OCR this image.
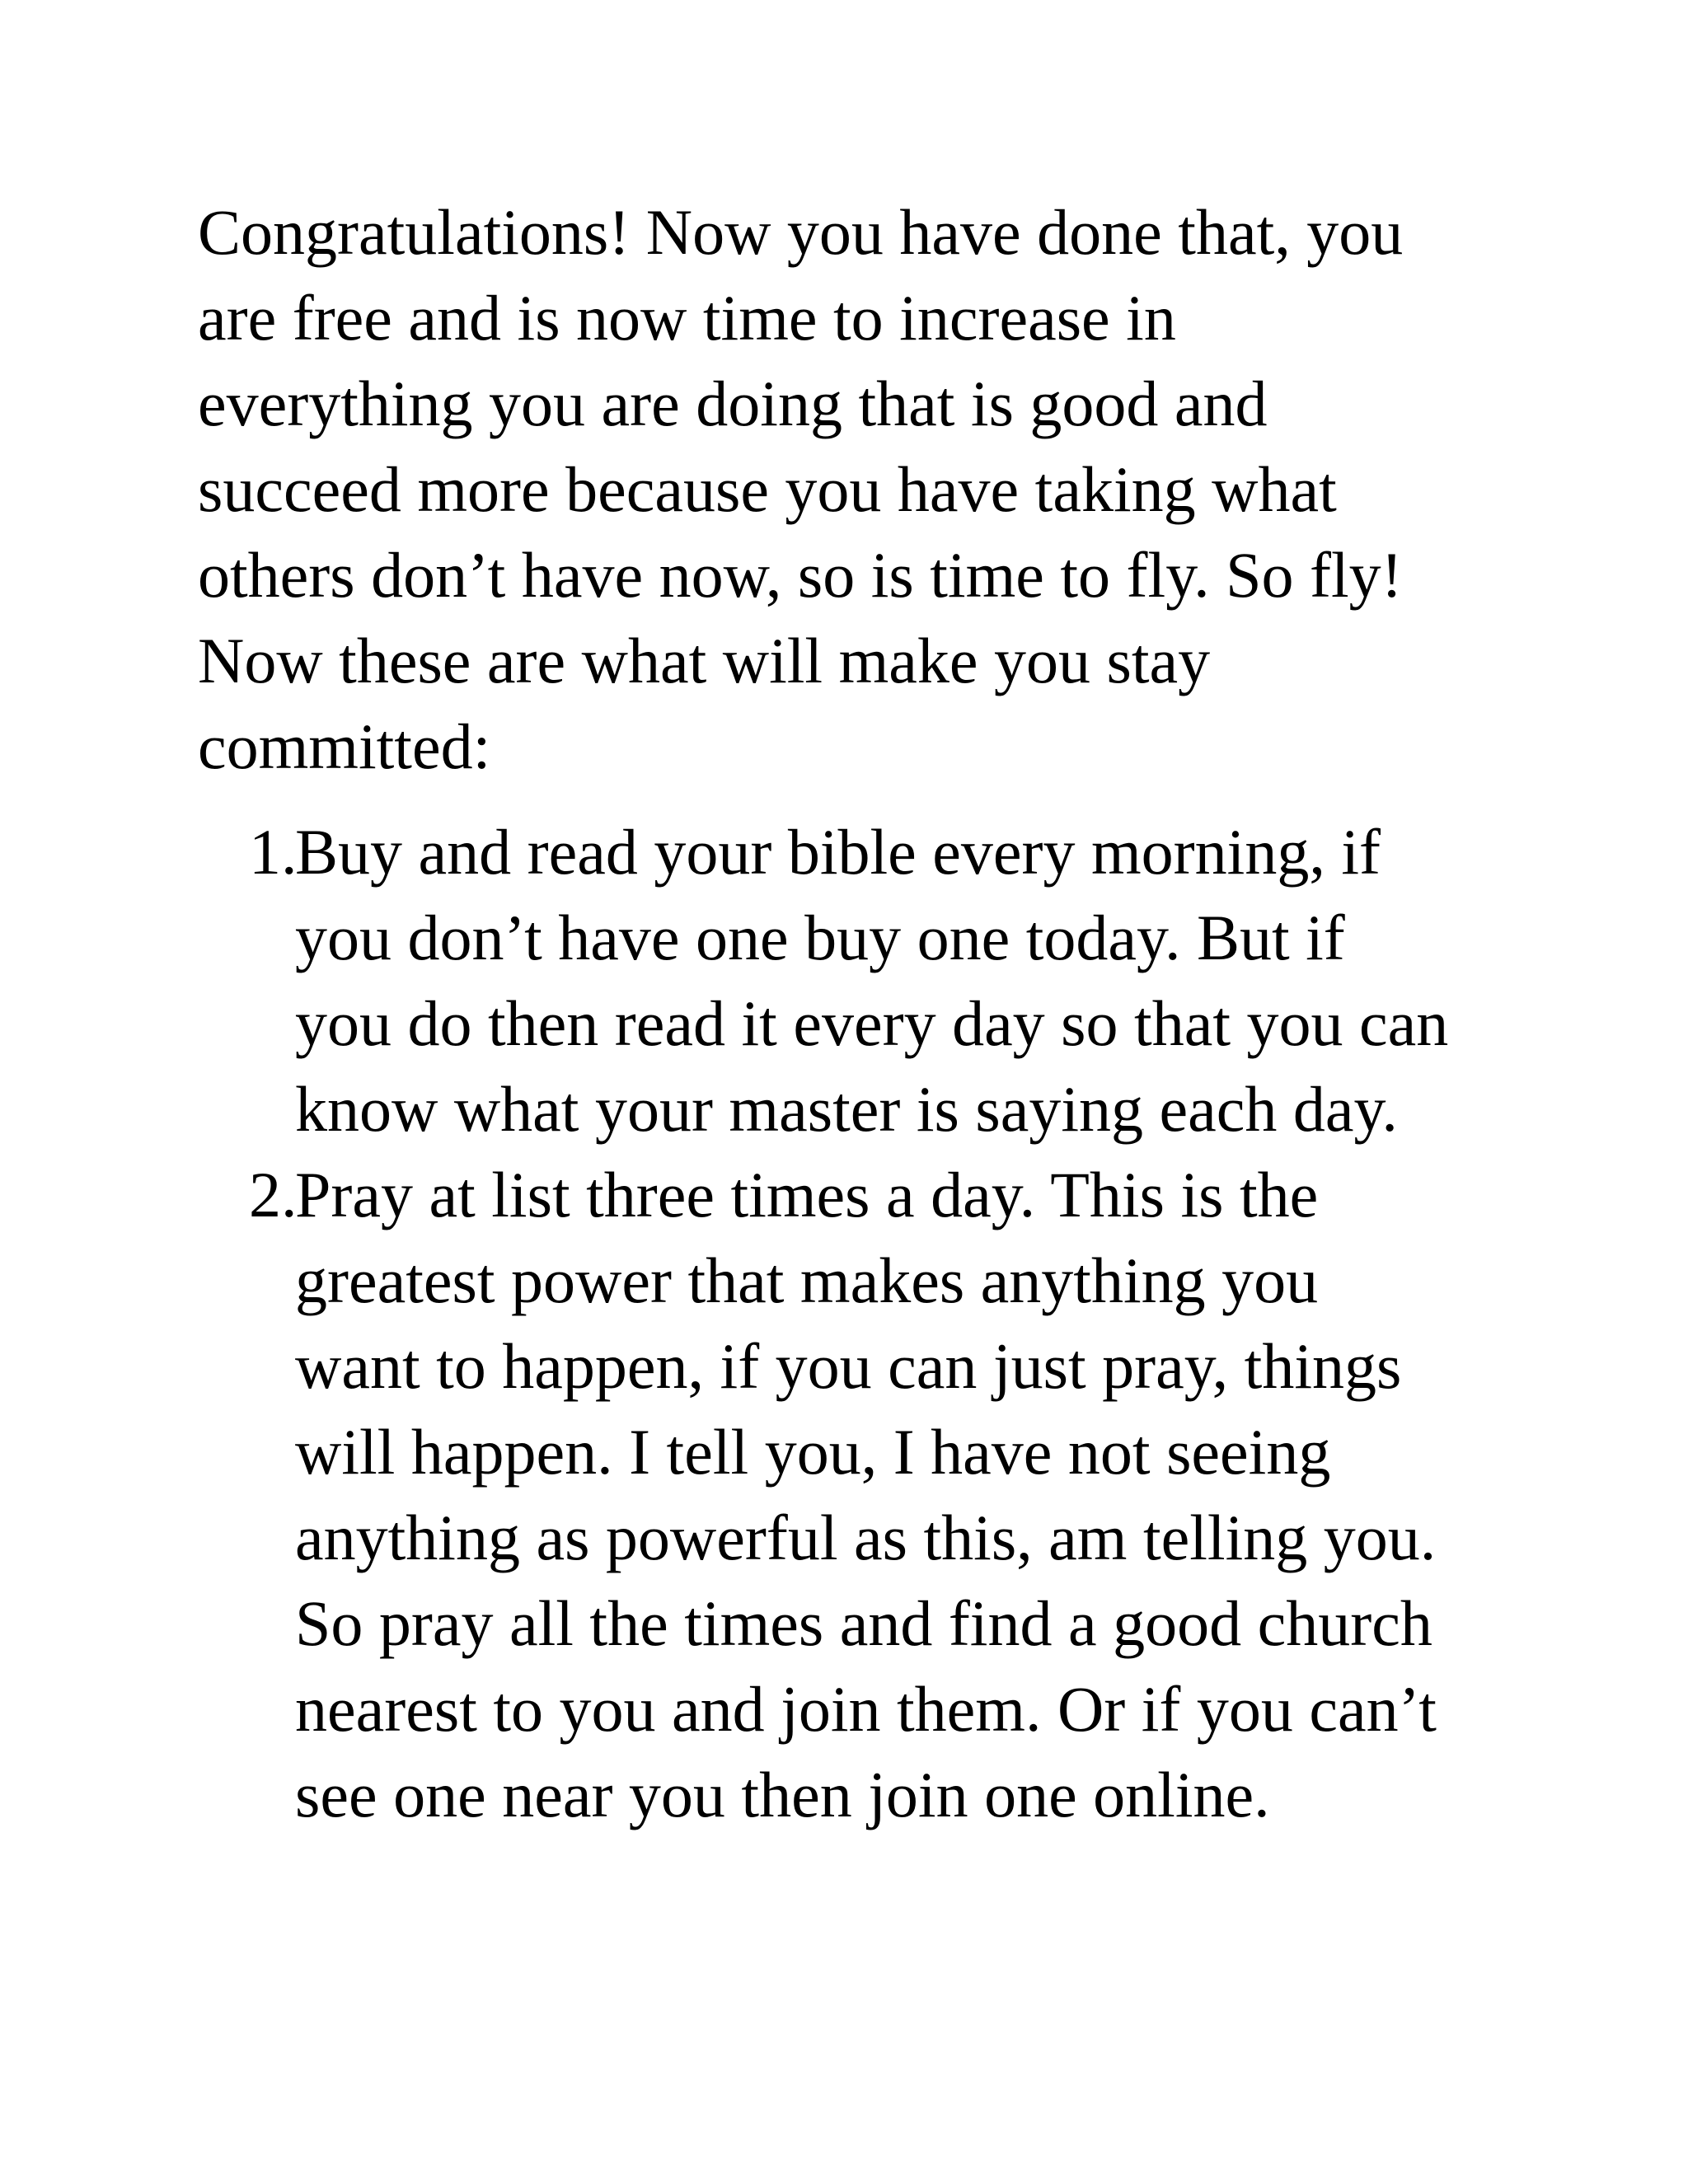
Congratulations! Now you have done that, you
are free and is now time to increase in
everything you are doing that is good and
succeed more because you have taking what
others don’t have now, so is time to fly. So fly!
Now these are what will make you stay
committed:

1.
Buy and read your bible every morning, if
you don’t have one buy one today. But if
you do then read it every day so that you can
know what your master is saying each day.
2.
Pray at list three times a day. This is the
greatest power that makes anything you
want to happen, if you can just pray, things
will happen. I tell you, I have not seeing
anything as powerful as this, am telling you.
So pray all the times and find a good church
nearest to you and join them. Or if you can’t
see one near you then join one online.
